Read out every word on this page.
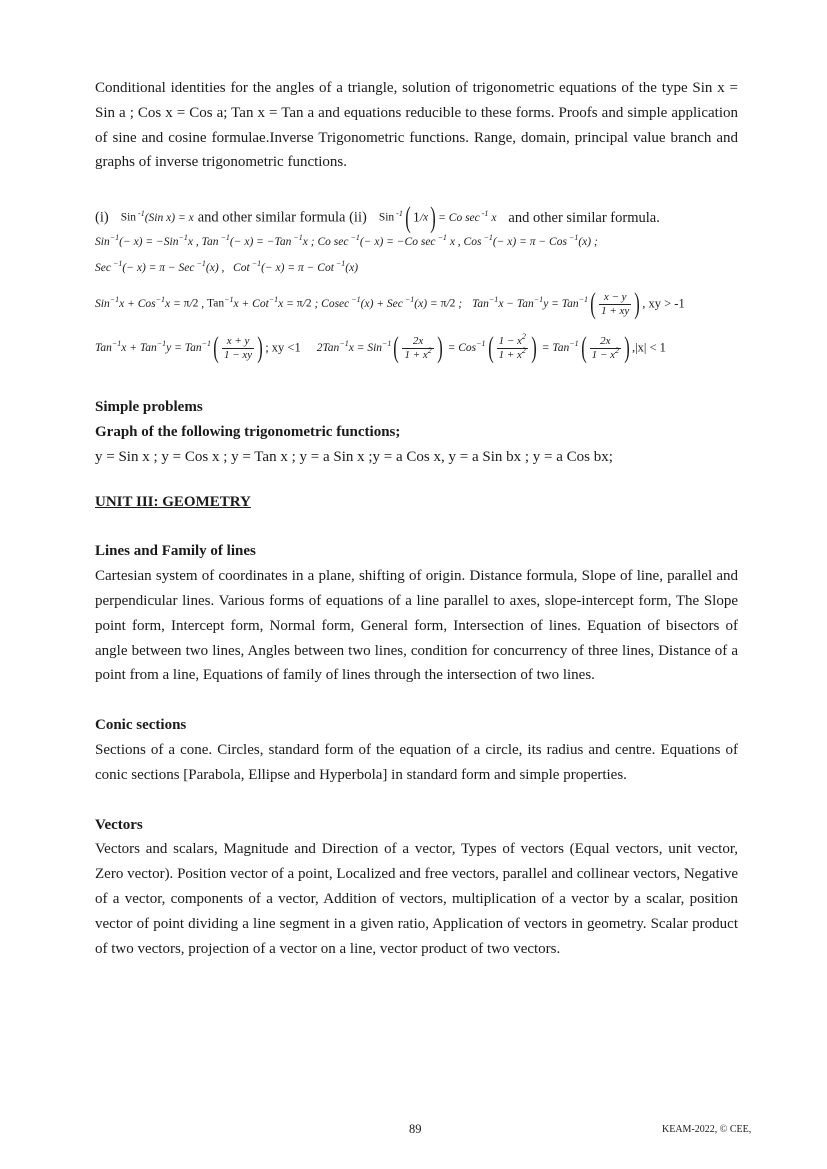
Conditional identities for the angles of a triangle, solution of trigonometric equations of the type Sin x = Sin a ; Cos x = Cos a; Tan x = Tan a and equations reducible to these forms. Proofs and simple application of sine and cosine formulae.Inverse Trigonometric functions. Range, domain, principal value branch and graphs of inverse trigonometric functions.

(i) Sin $^{-1}$(Sin x) = x and other similar formula (ii) Sin $^{-1}$( 1/x) = Co sec $^{-1}$ x and other similar formula.
Sin$^{-1}$(− x) = −Sin$^{-1}$x , Tan $^{-1}$(− x) = −Tan $^{-1}$x ; Co sec $^{-1}$(− x) = −Co sec $^{-1}$ x , Cos $^{-1}$(− x) = π − Cos $^{-1}$(x) ;
Sec $^{-1}$(− x) = π − Sec $^{-1}$(x) ,   Cot $^{-1}$(− x) = π − Cot $^{-1}$(x)
Sin$^{-1}$x + Cos$^{-1}$x = π/2 , Tan$^{-1}$x + Cot$^{-1}$x = π/2 ; Cosec $^{-1}$(x) + Sec $^{-1}$(x) = π/2 ; $Tan^{-1}x - Tan^{-1}y = Tan^{-1}( \frac{x - y}{1 + xy}$ ) , xy > -1
$Tan^{-1}x + Tan^{-1}y = Tan^{-1}( \frac{x + y}{1 - xy}$ ) ; xy <1 $2Tan^{-1}x = Sin^{-1}( \frac{2x}{1 + x^2}$ ) = $Cos^{-1}( \frac{1 - x^2}{1 + x^2}$ ) = $Tan^{-1}( \frac{2x}{1 - x^2}$ ) ,|x| < 1

Simple problems

Graph of the following trigonometric functions;

y = Sin x ; y = Cos x ; y = Tan x ; y = a Sin x ;y = a Cos x, y = a Sin bx ; y = a Cos bx;

UNIT III: GEOMETRY

Lines and Family of lines

Cartesian system of coordinates in a plane, shifting of origin. Distance formula, Slope of line, parallel and perpendicular lines. Various forms of equations of a line parallel to axes, slope-intercept form, The Slope point form, Intercept form, Normal form, General form, Intersection of lines. Equation of bisectors of angle between two lines, Angles between two lines, condition for concurrency of three lines, Distance of a point from a line, Equations of family of lines through the intersection of two lines.

Conic sections

Sections of a cone. Circles, standard form of the equation of a circle, its radius and centre. Equations of conic sections [Parabola, Ellipse and Hyperbola] in standard form and simple properties.

Vectors

Vectors and scalars, Magnitude and Direction of a vector, Types of vectors (Equal vectors, unit vector, Zero vector). Position vector of a point, Localized and free vectors, parallel and collinear vectors, Negative of a vector, components of a vector, Addition of vectors, multiplication of a vector by a scalar, position vector of point dividing a line segment in a given ratio, Application of vectors in geometry. Scalar product of two vectors, projection of a vector on a line, vector product of two vectors.

89	KEAM-2022, © CEE,
